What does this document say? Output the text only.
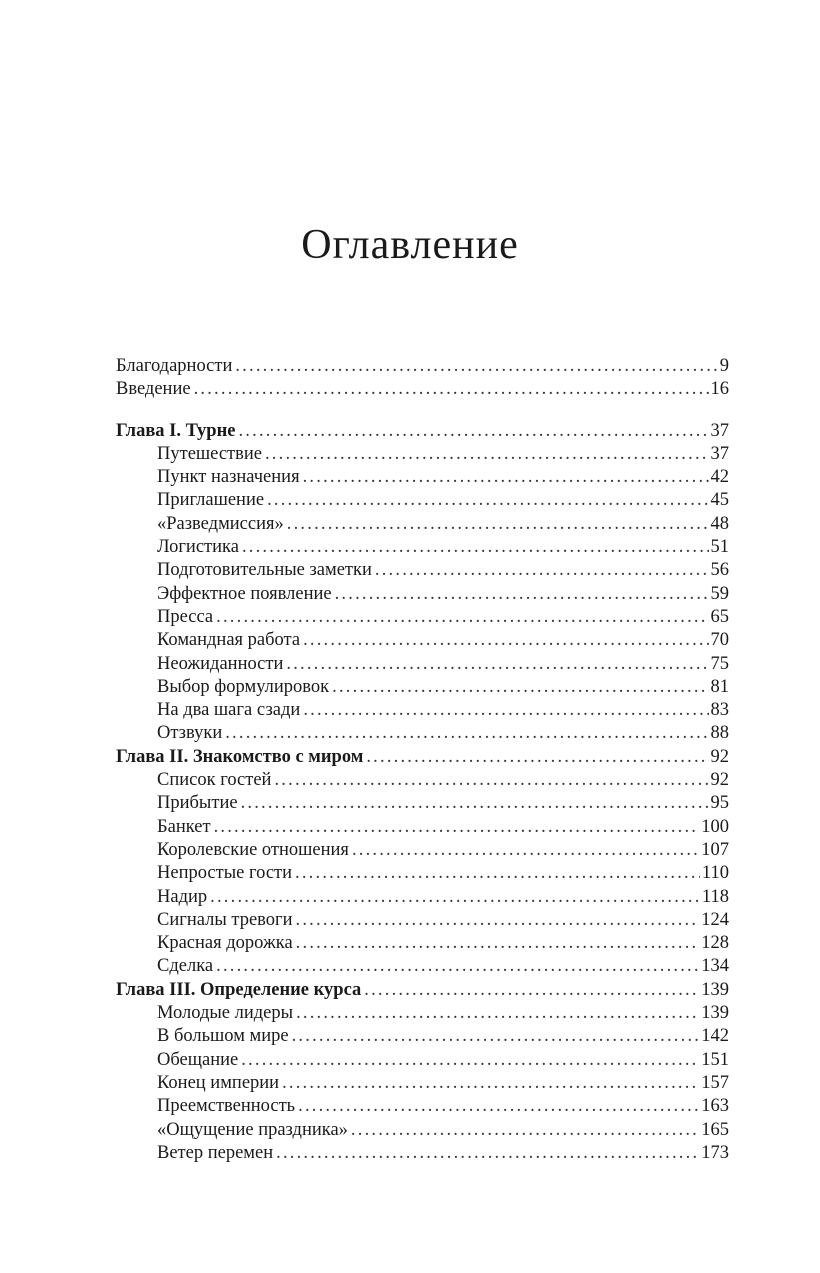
Оглавление
Благодарности .....	9
Введение .....	16
Глава I. Турне .....	37
Путешествие .....	37
Пункт назначения .....	42
Приглашение .....	45
«Разведмиссия» .....	48
Логистика .....	51
Подготовительные заметки .....	56
Эффектное появление .....	59
Пресса .....	65
Командная работа .....	70
Неожиданности .....	75
Выбор формулировок .....	81
На два шага сзади .....	83
Отзвуки .....	88
Глава II. Знакомство с миром .....	92
Список гостей .....	92
Прибытие .....	95
Банкет .....	100
Королевские отношения .....	107
Непростые гости .....	110
Надир .....	118
Сигналы тревоги .....	124
Красная дорожка .....	128
Сделка .....	134
Глава III. Определение курса .....	139
Молодые лидеры .....	139
В большом мире .....	142
Обещание .....	151
Конец империи .....	157
Преемственность .....	163
«Ощущение праздника» .....	165
Ветер перемен .....	173
